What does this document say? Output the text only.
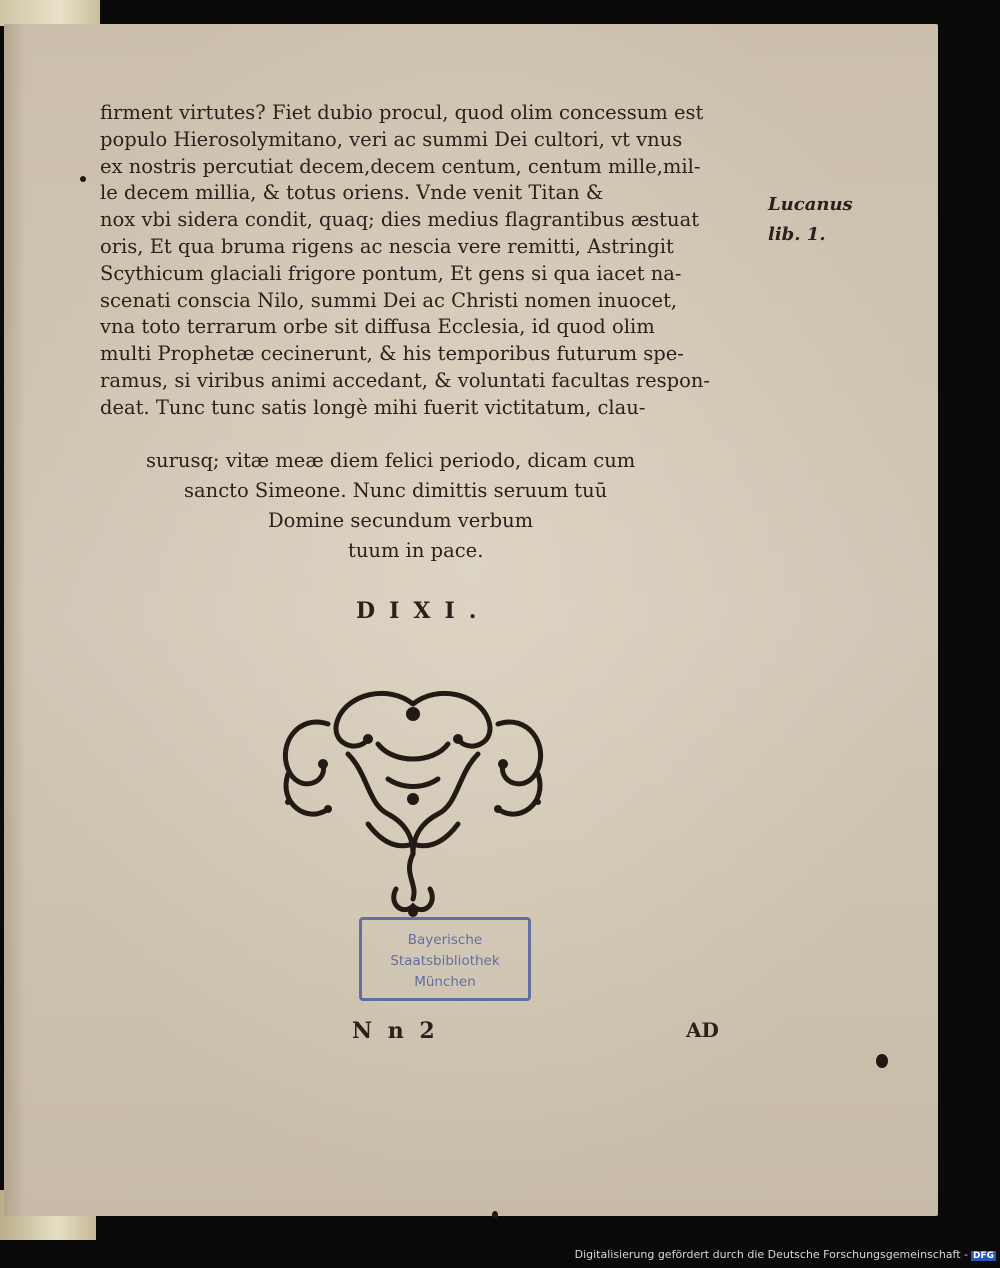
firment virtutes? Fiet dubio procul, quod olim concessum est
populo Hierosolymitano, veri ac summi Dei cultori, vt vnus
ex nostris percutiat decem,decem centum, centum mille,mil-
le decem millia, & totus oriens. Vnde venit Titan &
nox vbi sidera condit, quaq; dies medius flagrantibus æstuat
oris, Et qua bruma rigens ac nescia vere remitti, Astringit
Scythicum glaciali frigore pontum, Et gens si qua iacet na-
scenati conscia Nilo, summi Dei ac Christi nomen inuocet,
vna toto terrarum orbe sit diffusa Ecclesia, id quod olim
multi Prophetæ cecinerunt, & his temporibus futurum spe-
ramus, si viribus animi accedant, & voluntati facultas respon-
deat. Tunc tunc satis longè mihi fuerit victitatum, clau-
surusq; vitæ meæ diem felici periodo, dicam cum
sancto Simeone. Nunc dimittis seruum tuū
Domine secundum verbum
tuum in pace.
Lucanus
lib. 1.
DIXI.
Bayerische
Staatsbibliothek
München
N n 2	AD
Digitalisierung gefördert durch die Deutsche Forschungsgemeinschaft - DFG
